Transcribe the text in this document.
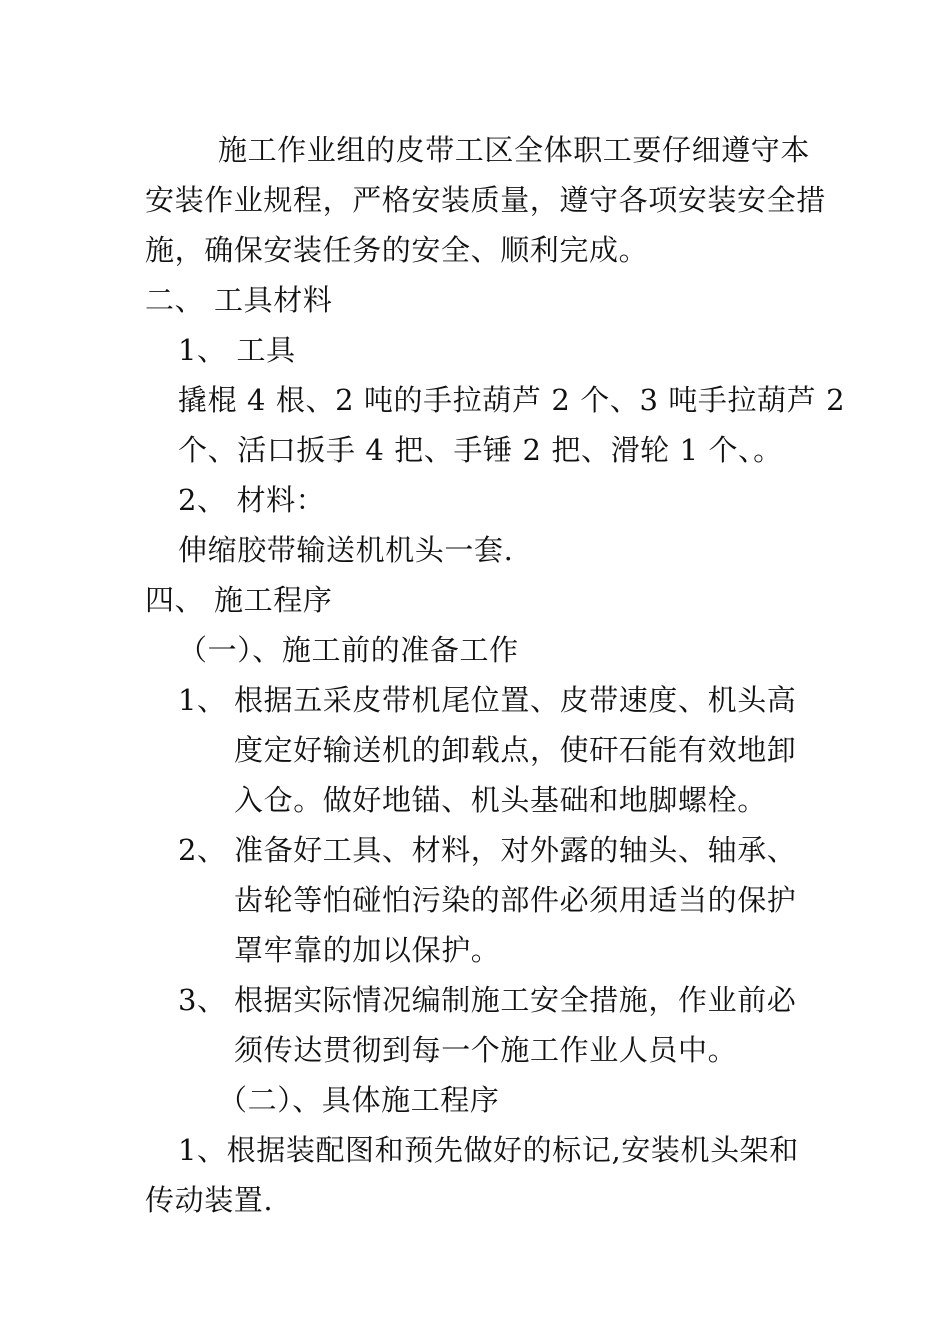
施工作业组的皮带工区全体职工要仔细遵守本
安装作业规程，严格安装质量，遵守各项安装安全措
施，确保安装任务的安全、顺利完成。
二、 工具材料
1、 工具
撬棍 4 根、2 吨的手拉葫芦 2 个、3 吨手拉葫芦 2
个、活口扳手 4 把、手锤 2 把、滑轮 1 个、。
2、 材料：
伸缩胶带输送机机头一套.
四、 施工程序
（一）、施工前的准备工作
1、 根据五采皮带机尾位置、皮带速度、机头高
度定好输送机的卸载点，使矸石能有效地卸
入仓。做好地锚、机头基础和地脚螺栓。
2、 准备好工具、材料，对外露的轴头、轴承、
齿轮等怕碰怕污染的部件必须用适当的保护
罩牢靠的加以保护。
3、 根据实际情况编制施工安全措施，作业前必
须传达贯彻到每一个施工作业人员中。
（二）、具体施工程序
1、根据装配图和预先做好的标记,安装机头架和
传动装置.
